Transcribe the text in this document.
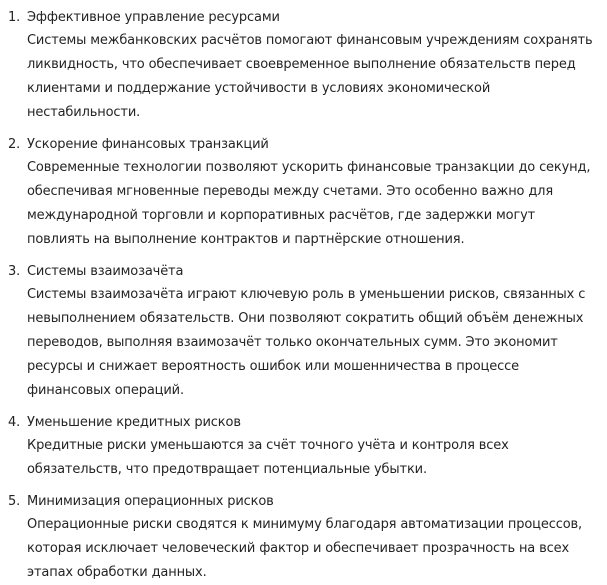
1. Эффективное управление ресурсами

Системы межбанковских расчётов помогают финансовым учреждениям сохранять ликвидность, что обеспечивает своевременное выполнение обязательств перед клиентами и поддержание устойчивости в условиях экономической нестабильности.

2. Ускорение финансовых транзакций

Современные технологии позволяют ускорить финансовые транзакции до секунд, обеспечивая мгновенные переводы между счетами. Это особенно важно для международной торговли и корпоративных расчётов, где задержки могут повлиять на выполнение контрактов и партнёрские отношения.

3. Системы взаимозачёта

Системы взаимозачёта играют ключевую роль в уменьшении рисков, связанных с невыполнением обязательств. Они позволяют сократить общий объём денежных переводов, выполняя взаимозачёт только окончательных сумм. Это экономит ресурсы и снижает вероятность ошибок или мошенничества в процессе финансовых операций.

4. Уменьшение кредитных рисков

Кредитные риски уменьшаются за счёт точного учёта и контроля всех обязательств, что предотвращает потенциальные убытки.

5. Минимизация операционных рисков

Операционные риски сводятся к минимуму благодаря автоматизации процессов, которая исключает человеческий фактор и обеспечивает прозрачность на всех этапах обработки данных.
